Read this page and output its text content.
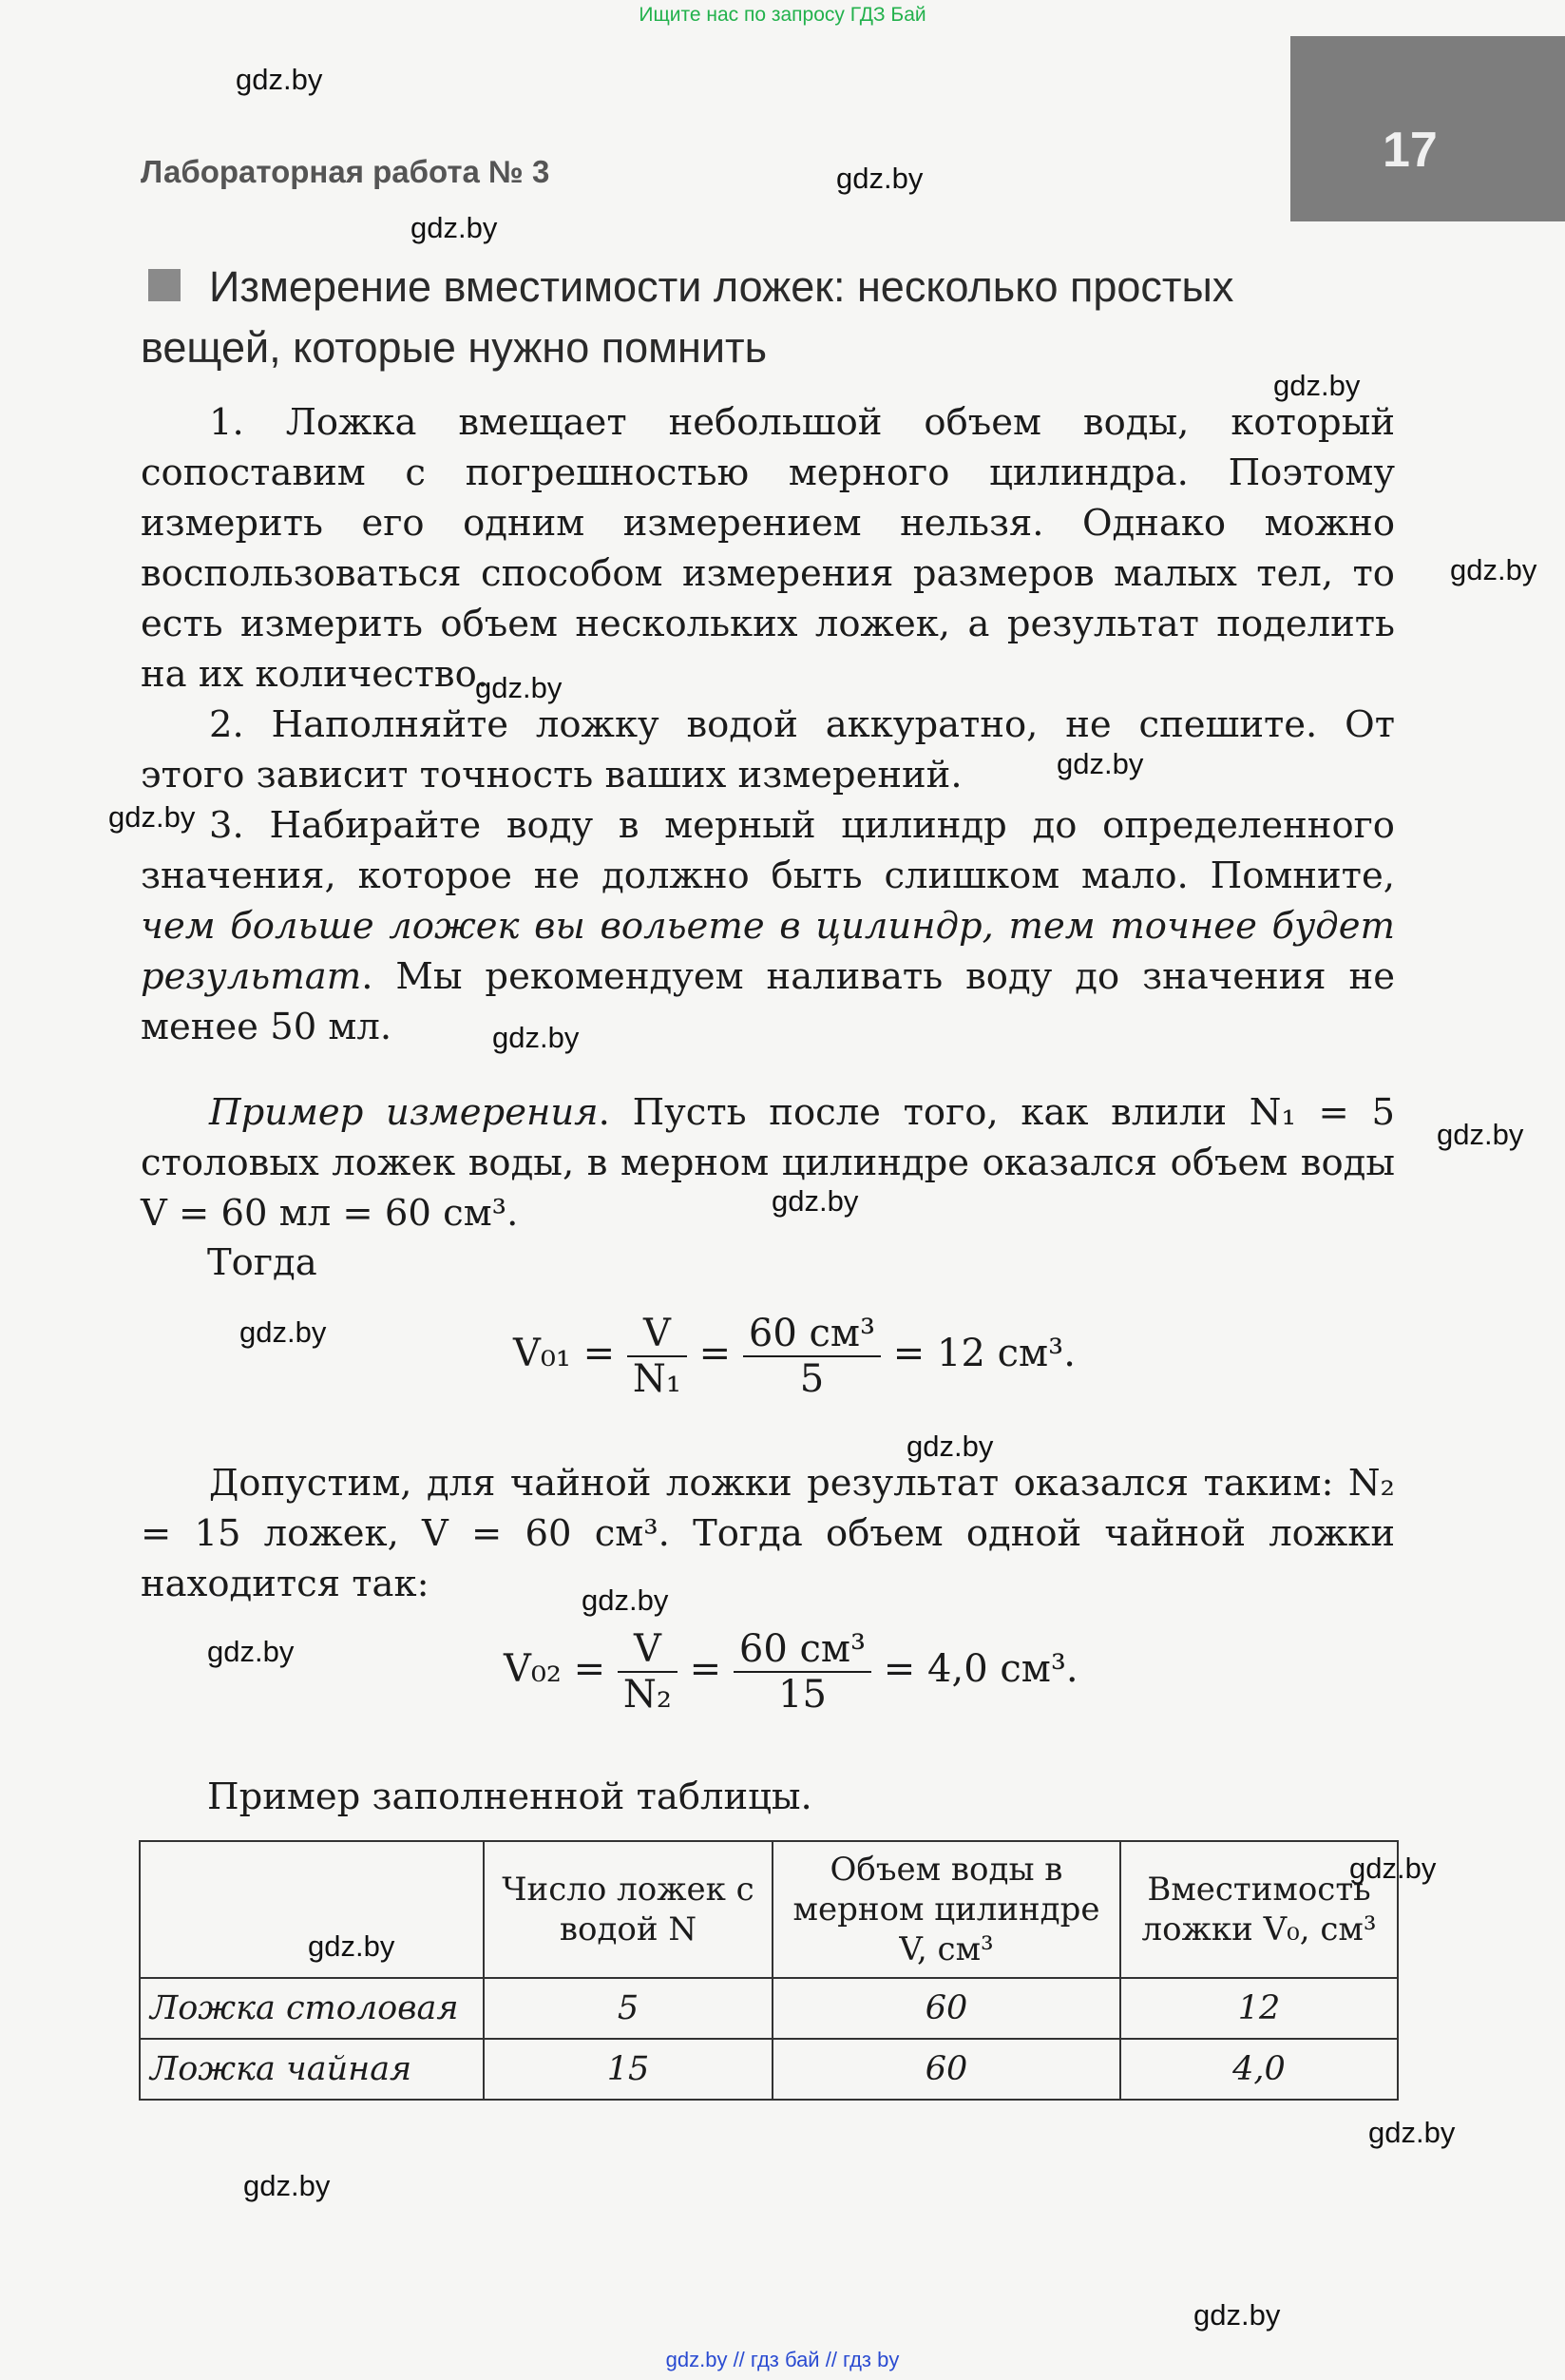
Ищите нас по запросу ГДЗ Бай
17
Лабораторная работа № 3
gdz.by
gdz.by
gdz.by
gdz.by
gdz.by
gdz.by
gdz.by
gdz.by
gdz.by
gdz.by
gdz.by
gdz.by
gdz.by
gdz.by
gdz.by
gdz.by
gdz.by
gdz.by
gdz.by
gdz.by
Измерение вместимости ложек: несколько простых вещей, которые нужно помнить
1. Ложка вмещает небольшой объем воды, который сопоставим с погрешностью мерного цилиндра. Поэтому измерить его одним измерением нельзя. Однако можно воспользоваться способом измерения размеров малых тел, то есть измерить объем нескольких ложек, а результат поделить на их количество.
2. Наполняйте ложку водой аккуратно, не спешите. От этого зависит точность ваших измерений.
3. Набирайте воду в мерный цилиндр до определенного значения, которое не должно быть слишком мало. Помните, чем больше ложек вы вольете в цилиндр, тем точнее будет результат. Мы рекомендуем наливать воду до значения не менее 50 мл.
Пример измерения. Пусть после того, как влили N₁ = 5 столовых ложек воды, в мерном цилиндре оказался объем воды V = 60 мл = 60 см³.
Тогда
$V_{01} = \frac{V}{\text{N₁}} = \frac{\text{60 см³}}{5} = 12$ см³.
Допустим, для чайной ложки результат оказался таким: N₂ = 15 ложек, V = 60 см³. Тогда объем одной чайной ложки находится так:
$V_{02} = \frac{V}{\text{N₂}} = \frac{\text{60 см³}}{15} = 4,0$ см³.
Пример заполненной таблицы.
	Число ложек с водой N	Объем воды в мерном цилиндре V, см³	Вместимость ложки V₀, см³
Ложка столовая	5	60	12
Ложка чайная	15	60	4,0
gdz.by // гдз бай // гдз by
